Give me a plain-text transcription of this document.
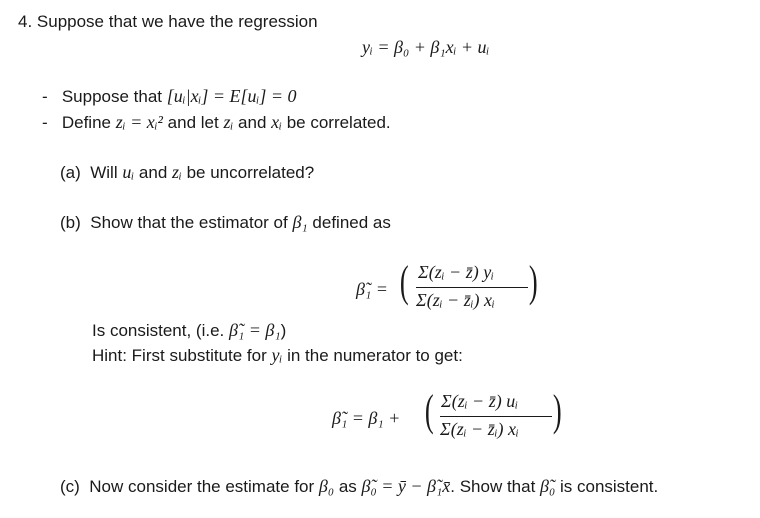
4. Suppose that we have the regression
yᵢ = β₀ + β₁xᵢ + uᵢ
- Suppose that [uᵢ|xᵢ] = E[uᵢ] = 0
- Define zᵢ = xᵢ² and let zᵢ and xᵢ be correlated.
(a) Will uᵢ and zᵢ be uncorrelated?
(b) Show that the estimator of β₁ defined as
β̃₁ = ( Σ(zᵢ − z̄) yᵢ
Σ(zᵢ − z̄ᵢ) xᵢ )
Is consistent, (i.e. β̃₁ = β₁)
Hint: First substitute for yᵢ in the numerator to get:
β̃₁ = β₁ + ( Σ(zᵢ − z̄) uᵢ
Σ(zᵢ − z̄ᵢ) xᵢ )
(c) Now consider the estimate for β₀ as β̃₀ = ȳ − β̃₁x̄. Show that β̃₀ is consistent.
